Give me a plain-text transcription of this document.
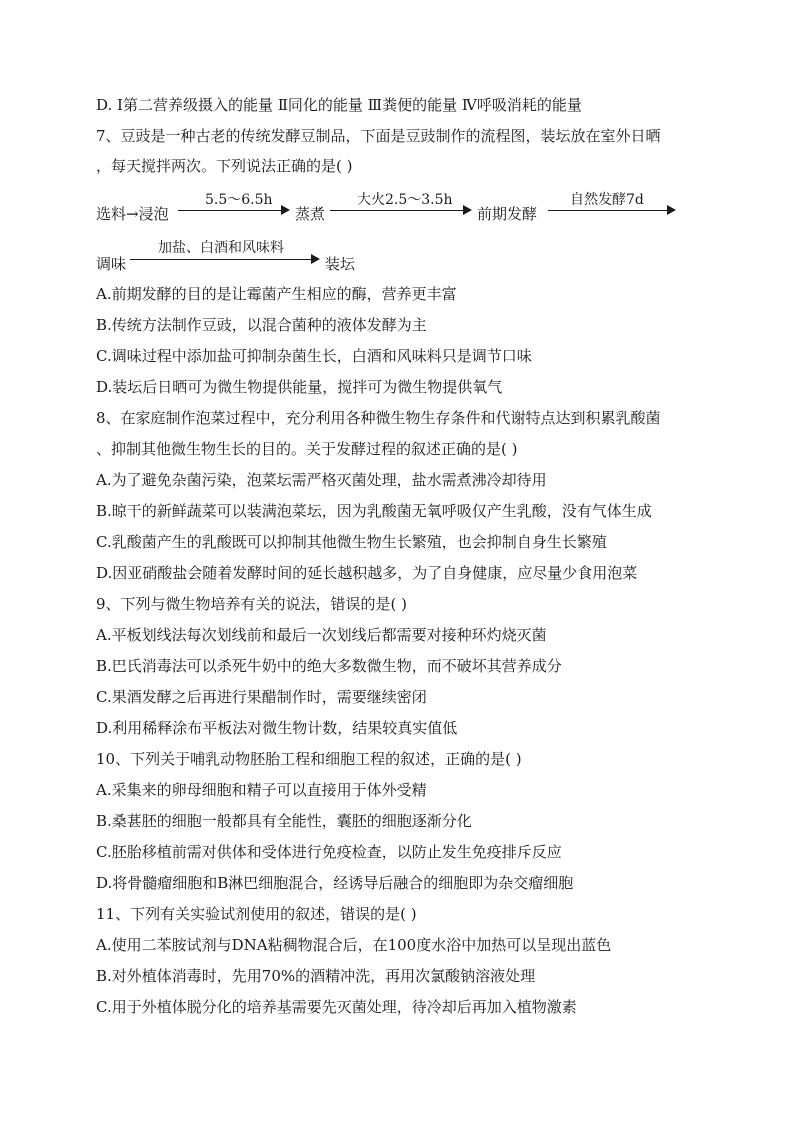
D. Ⅰ第二营养级摄入的能量 Ⅱ同化的能量 Ⅲ粪便的能量 Ⅳ呼吸消耗的能量
7、豆豉是一种古老的传统发酵豆制品，下面是豆豉制作的流程图，装坛放在室外日晒
，每天搅拌两次。下列说法正确的是( )
选料→浸泡
5.5～6.5h
蒸煮
大火2.5～3.5h
前期发酵
自然发酵7d
调味
加盐、白酒和风味料
装坛
A.前期发酵的目的是让霉菌产生相应的酶，营养更丰富
B.传统方法制作豆豉，以混合菌种的液体发酵为主
C.调味过程中添加盐可抑制杂菌生长，白酒和风味料只是调节口味
D.装坛后日晒可为微生物提供能量，搅拌可为微生物提供氧气
8、在家庭制作泡菜过程中，充分利用各种微生物生存条件和代谢特点达到积累乳酸菌
、抑制其他微生物生长的目的。关于发酵过程的叙述正确的是( )
A.为了避免杂菌污染，泡菜坛需严格灭菌处理，盐水需煮沸冷却待用
B.晾干的新鲜蔬菜可以装满泡菜坛，因为乳酸菌无氧呼吸仅产生乳酸，没有气体生成
C.乳酸菌产生的乳酸既可以抑制其他微生物生长繁殖，也会抑制自身生长繁殖
D.因亚硝酸盐会随着发酵时间的延长越积越多，为了自身健康，应尽量少食用泡菜
9、下列与微生物培养有关的说法，错误的是( )
A.平板划线法每次划线前和最后一次划线后都需要对接种环灼烧灭菌
B.巴氏消毒法可以杀死牛奶中的绝大多数微生物，而不破坏其营养成分
C.果酒发酵之后再进行果醋制作时，需要继续密闭
D.利用稀释涂布平板法对微生物计数，结果较真实值低
10、下列关于哺乳动物胚胎工程和细胞工程的叙述，正确的是( )
A.采集来的卵母细胞和精子可以直接用于体外受精
B.桑葚胚的细胞一般都具有全能性，囊胚的细胞逐渐分化
C.胚胎移植前需对供体和受体进行免疫检查，以防止发生免疫排斥反应
D.将骨髓瘤细胞和B淋巴细胞混合，经诱导后融合的细胞即为杂交瘤细胞
11、下列有关实验试剂使用的叙述，错误的是( )
A.使用二苯胺试剂与DNA粘稠物混合后，在100度水浴中加热可以呈现出蓝色
B.对外植体消毒时，先用70%的酒精冲洗，再用次氯酸钠溶液处理
C.用于外植体脱分化的培养基需要先灭菌处理，待冷却后再加入植物激素
